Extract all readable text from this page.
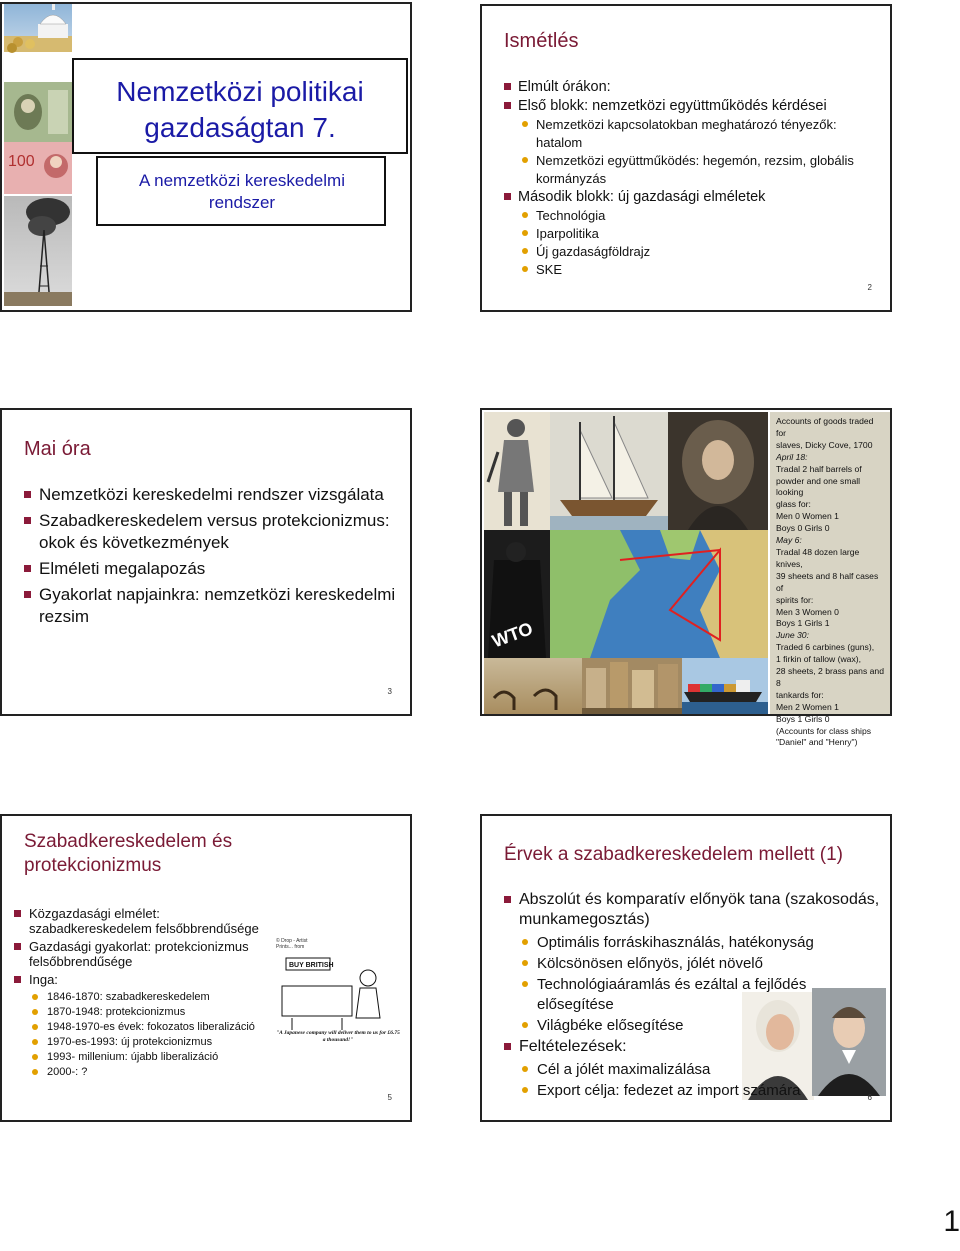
100
Nemzetközi politikai gazdaságtan 7.
A nemzetközi kereskedelmi rendszer
Ismétlés
Elmúlt órákon:
Első blokk: nemzetközi együttműködés kérdései
Nemzetközi kapcsolatokban meghatározó tényezők: hatalom
Nemzetközi együttműködés: hegemón, rezsim, globális kormányzás
Második blokk: új gazdasági elméletek
Technológia
Iparpolitika
Új gazdaságföldrajz
SKE
2
Mai óra
Nemzetközi kereskedelmi rendszer vizsgálata
Szabadkereskedelem versus protekcionizmus: okok és következmények
Elméleti megalapozás
Gyakorlat napjainkra: nemzetközi kereskedelmi rezsim
3
Accounts of goods traded for
slaves, Dicky Cove, 1700
April 18:
Tradal 2 half barrels of
powder and one small looking
glass for:
Men 0 Women 1
Boys 0 Girls 0
May 6:
Tradal 48 dozen large knives,
39 sheets and 8 half cases of
spirits for:
Men 3 Women 0
Boys 1 Girls 1
June 30:
Traded 6 carbines (guns),
1 firkin of tallow (wax),
28 sheets, 2 brass pans and 8
tankards for:
Men 2 Women 1
Boys 1 Girls 0
(Accounts for class ships
"Daniel" and "Henry")
WTO
Szabadkereskedelem és protekcionizmus
Közgazdasági elmélet: szabadkereskedelem felsőbbrendűsége
Gazdasági gyakorlat: protekcionizmus felsőbbrendűsége
Inga:
1846-1870: szabadkereskedelem
1870-1948: protekcionizmus
1948-1970-es évek: fokozatos liberalizáció
1970-es-1993: új protekcionizmus
1993- millenium: újabb liberalizáció
2000-: ?
© Drop - Artist
Prints... from
BUY BRITISH
"A Japanese company will deliver them to us for £6.75 a thousand!"
5
Érvek a szabadkereskedelem mellett (1)
Abszolút és komparatív előnyök tana (szakosodás, munkamegosztás)
Optimális forráskihasználás, hatékonyság
Kölcsönösen előnyös, jólét növelő
Technológiaáramlás és ezáltal a fejlődés elősegítése
Világbéke elősegítése
Feltételezések:
Cél a jólét maximalizálása
Export célja: fedezet az import számára	6
1
